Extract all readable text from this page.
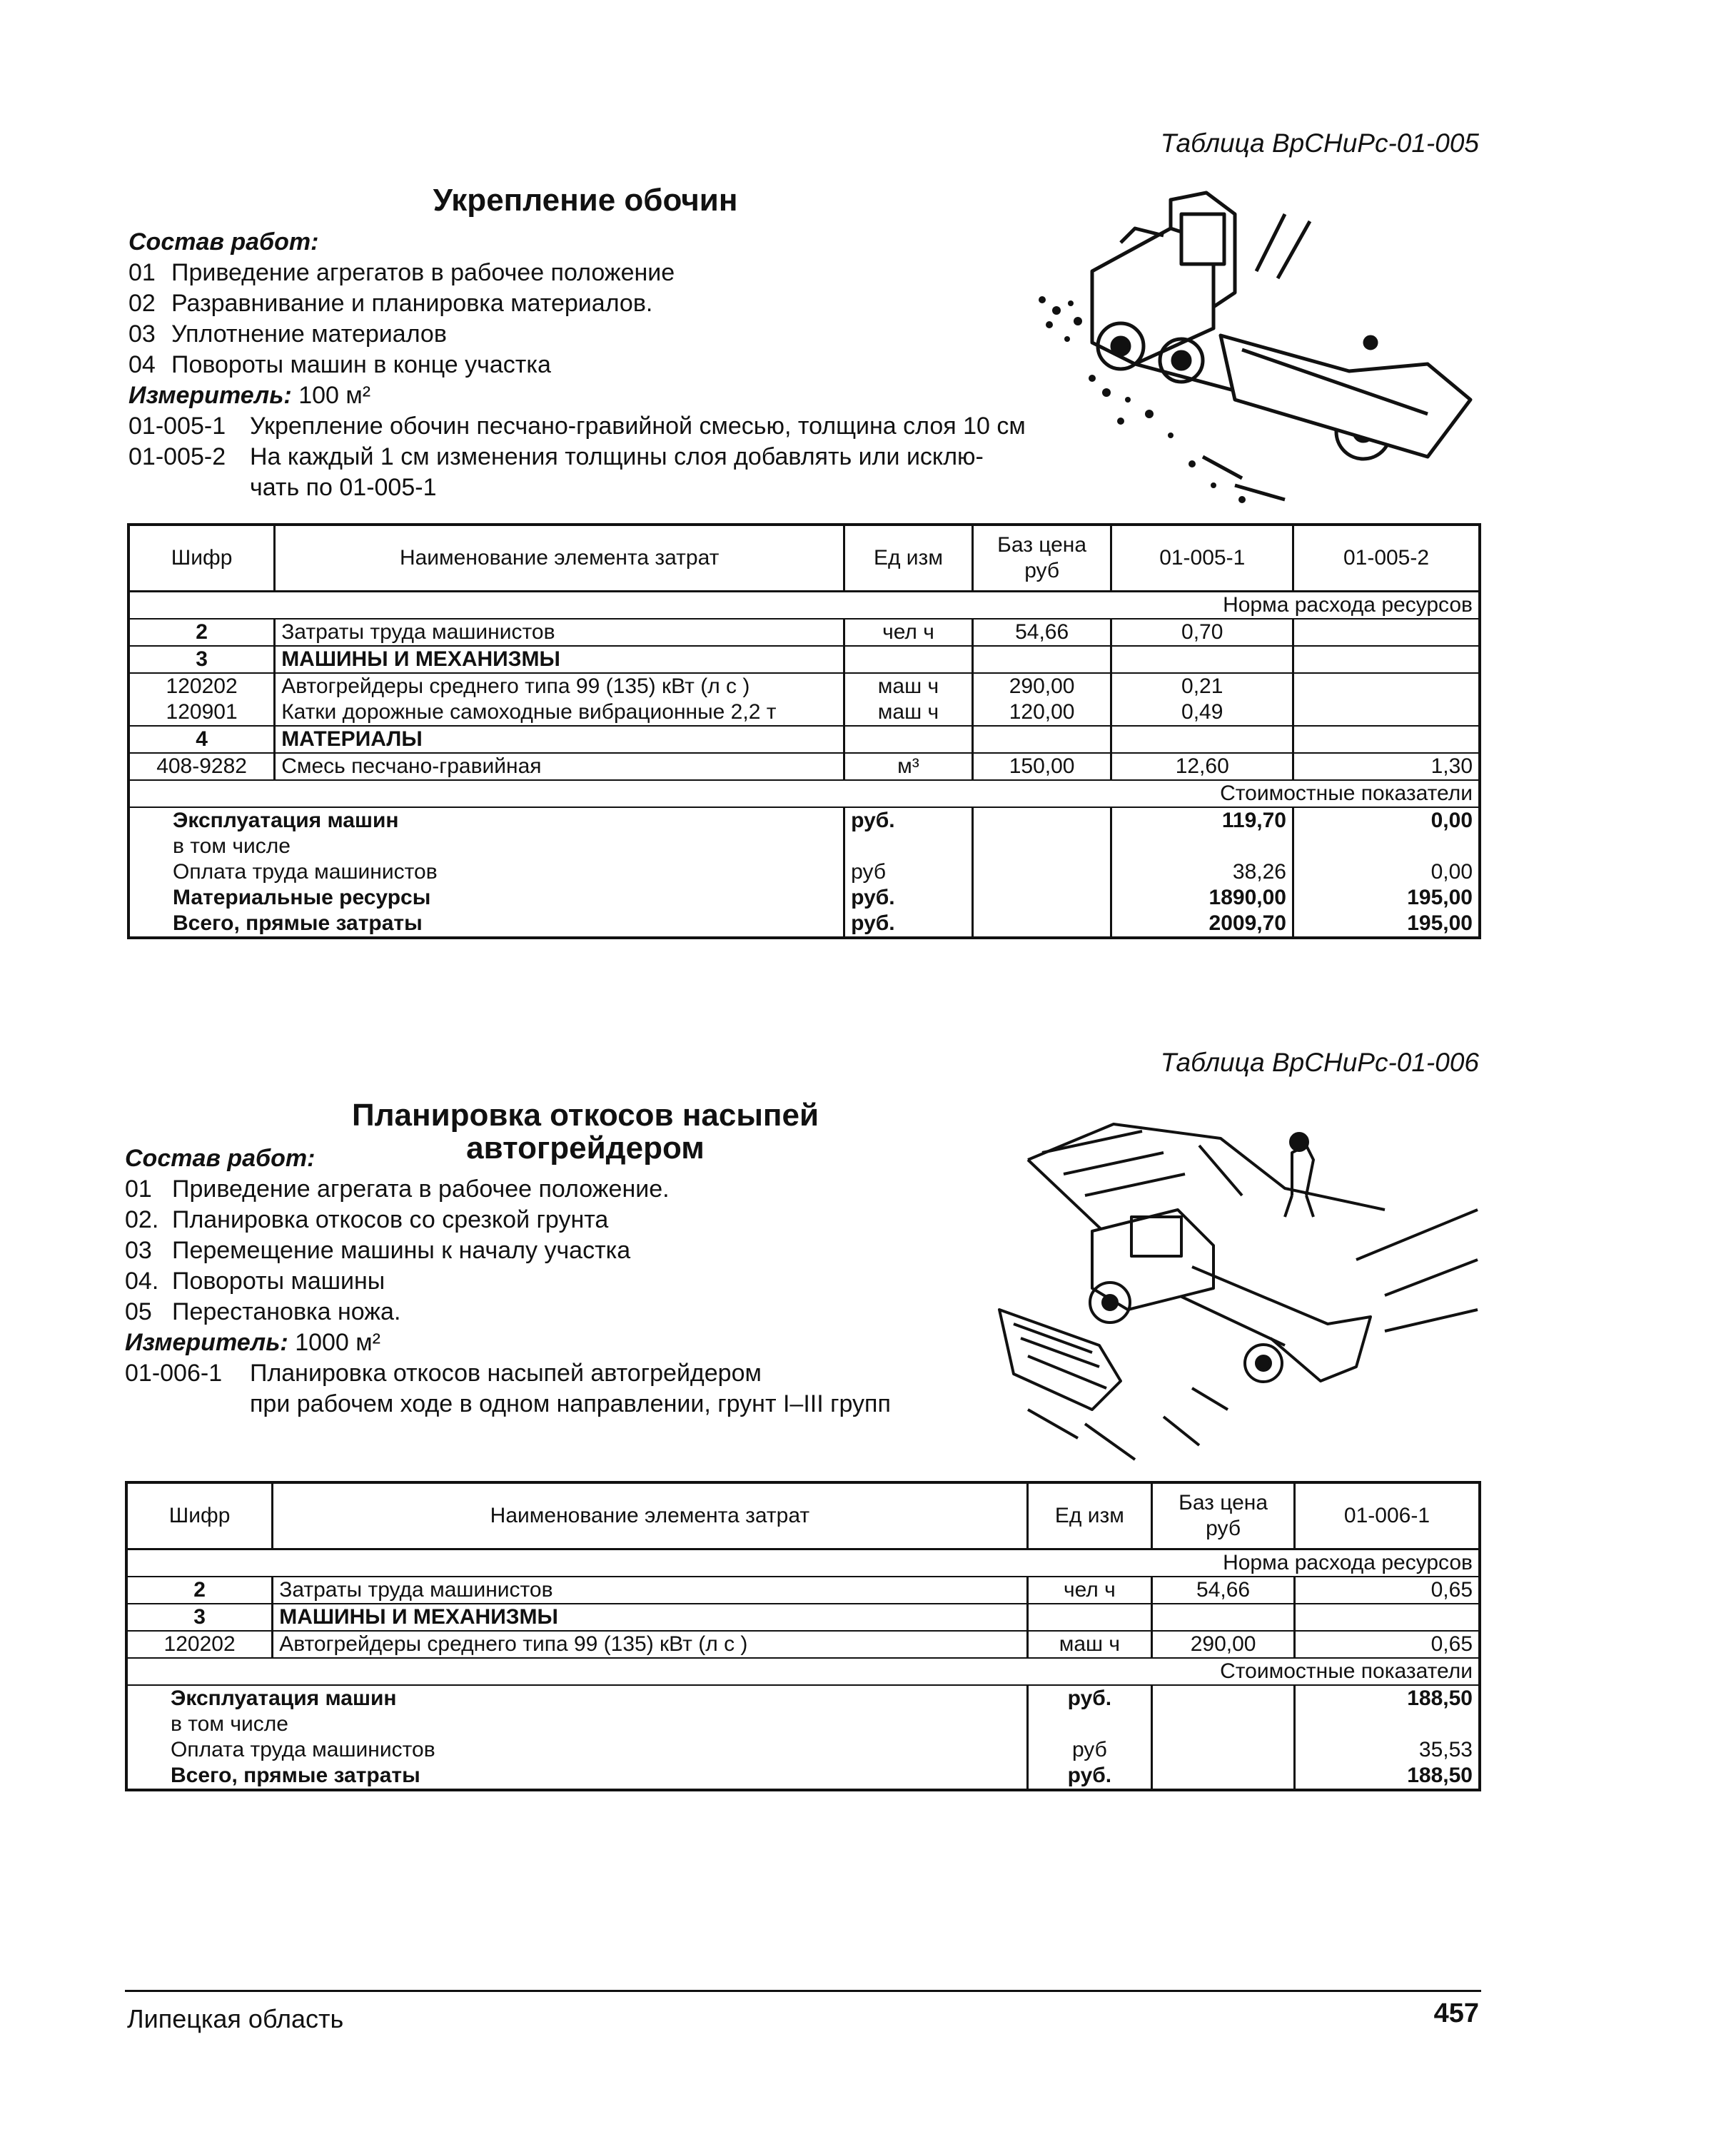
Таблица ВрСНиРс-01-005
Укрепление обочин
Состав работ:
01 Приведение агрегатов в рабочее положение
02 Разравнивание и планировка материалов.
03 Уплотнение материалов
04 Повороты машин в конце участка
Измеритель: 100 м²
01-005-1 Укрепление обочин песчано-гравийной смесью, толщина слоя 10 см
01-005-2 На каждый 1 см изменения толщины слоя добавлять или исклю-
чать по 01-005-1
Шифр	Наименование элемента затрат	Ед изм	Баз цена руб	01-005-1	01-005-2
Норма расхода ресурсов					
2	Затраты труда машинистов	чел ч	54,66	0,70	
3	МАШИНЫ И МЕХАНИЗМЫ				
120202	Автогрейдеры среднего типа 99 (135) кВт (л с )	маш ч	290,00	0,21	
120901	Катки дорожные самоходные вибрационные 2,2 т	маш ч	120,00	0,49	
4	МАТЕРИАЛЫ				
408-9282	Смесь песчано-гравийная	м³	150,00	12,60	1,30
Стоимостные показатели					
Эксплуатация машин		руб.		119,70	0,00
в том числе					
Оплата труда машинистов		руб		38,26	0,00
Материальные ресурсы		руб.		1890,00	195,00
Всего, прямые затраты		руб.		2009,70	195,00
Таблица ВрСНиРс-01-006
Планировка откосов насыпей
автогрейдером
Состав работ:
01 Приведение агрегата в рабочее положение.
02. Планировка откосов со срезкой грунта
03 Перемещение машины к началу участка
04. Повороты машины
05 Перестановка ножа.
Измеритель: 1000 м²
01-006-1 Планировка откосов насыпей автогрейдером
при рабочем ходе в одном направлении, грунт I–III групп
Шифр	Наименование элемента затрат	Ед изм	Баз цена руб	01-006-1
Норма расхода ресурсов				
2	Затраты труда машинистов	чел ч	54,66	0,65
3	МАШИНЫ И МЕХАНИЗМЫ			
120202	Автогрейдеры среднего типа 99 (135) кВт (л с )	маш ч	290,00	0,65
Стоимостные показатели				
Эксплуатация машин		руб.		188,50
в том числе				
Оплата труда машинистов		руб		35,53
Всего, прямые затраты		руб.		188,50
Липецкая область	457
